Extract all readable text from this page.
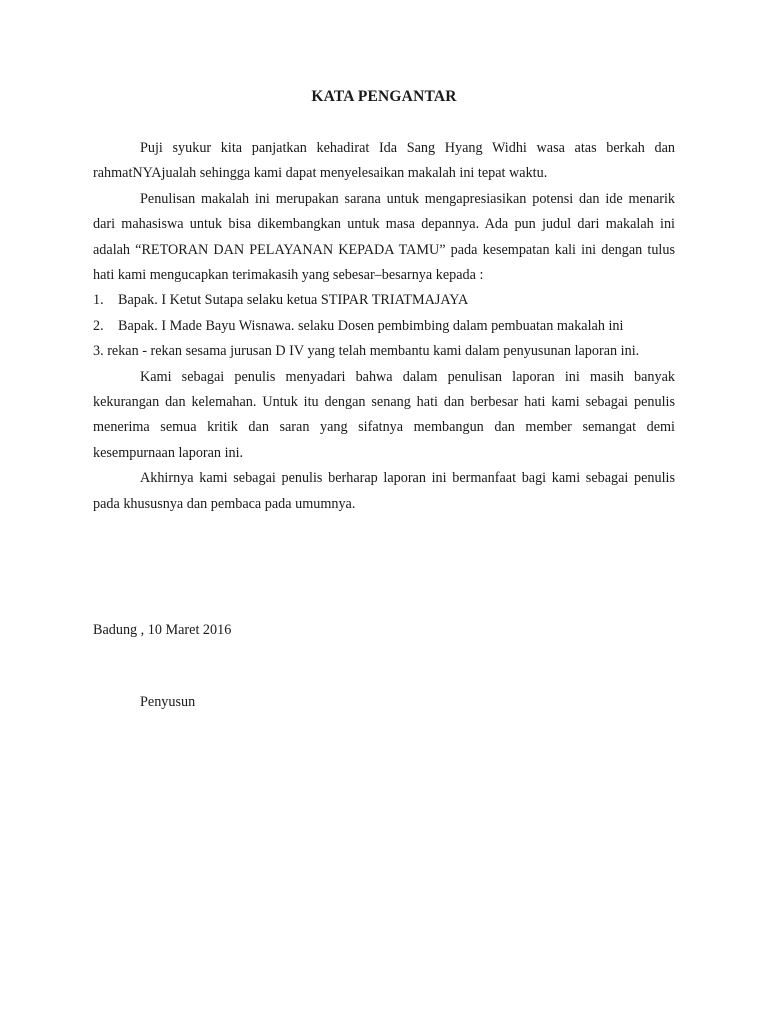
KATA PENGANTAR

Puji syukur kita panjatkan kehadirat Ida Sang Hyang Widhi wasa atas berkah dan rahmatNYAjualah sehingga kami dapat menyelesaikan makalah ini tepat waktu.

Penulisan makalah ini merupakan sarana untuk mengapresiasikan potensi dan ide menarik dari mahasiswa untuk bisa dikembangkan untuk masa depannya. Ada pun judul dari makalah ini adalah “RETORAN DAN PELAYANAN KEPADA TAMU” pada kesempatan kali ini dengan tulus hati kami mengucapkan terimakasih yang sebesar–besarnya kepada :

1. Bapak. I Ketut Sutapa selaku ketua STIPAR TRIATMAJAYA

2. Bapak. I Made Bayu Wisnawa. selaku Dosen pembimbing dalam pembuatan makalah ini

3. rekan - rekan sesama jurusan D IV yang telah membantu kami dalam penyusunan laporan ini.

Kami sebagai penulis menyadari bahwa dalam penulisan laporan ini masih banyak kekurangan dan kelemahan. Untuk itu dengan senang hati dan berbesar hati kami sebagai penulis menerima semua kritik dan saran yang sifatnya membangun dan member semangat demi kesempurnaan laporan ini.

Akhirnya kami sebagai penulis berharap laporan ini bermanfaat bagi kami sebagai penulis pada khususnya dan pembaca pada umumnya.

Badung , 10 Maret 2016
Penyusun
